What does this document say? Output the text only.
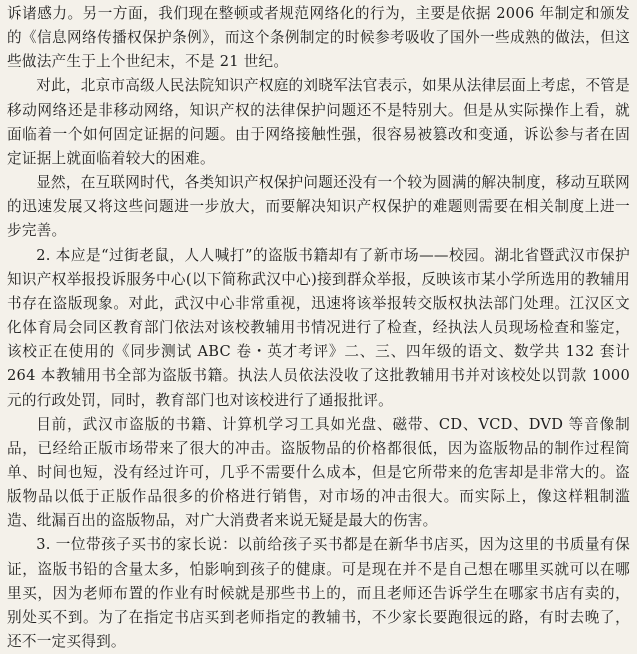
诉诸感力。另一方面，我们现在整顿或者规范网络化的行为，主要是依据 2006 年制定和颁发的《信息网络传播权保护条例》，而这个条例制定的时候参考吸收了国外一些成熟的做法，但这些做法产生于上个世纪末，不是 21 世纪。

对此，北京市高级人民法院知识产权庭的刘晓军法官表示，如果从法律层面上考虑，不管是移动网络还是非移动网络，知识产权的法律保护问题还不是特别大。但是从实际操作上看，就面临着一个如何固定证据的问题。由于网络接触性强，很容易被篡改和变通，诉讼参与者在固定证据上就面临着较大的困难。

显然，在互联网时代，各类知识产权保护问题还没有一个较为圆满的解决制度，移动互联网的迅速发展又将这些问题进一步放大，而要解决知识产权保护的难题则需要在相关制度上进一步完善。

2. 本应是“过街老鼠，人人喊打”的盗版书籍却有了新市场——校园。湖北省暨武汉市保护知识产权举报投诉服务中心(以下简称武汉中心)接到群众举报，反映该市某小学所选用的教辅用书存在盗版现象。对此，武汉中心非常重视，迅速将该举报转交版权执法部门处理。江汉区文化体育局会同区教育部门依法对该校教辅用书情况进行了检查，经执法人员现场检查和鉴定，该校正在使用的《同步测试 ABC 卷・英才考评》二、三、四年级的语文、数学共 132 套计 264 本教辅用书全部为盗版书籍。执法人员依法没收了这批教辅用书并对该校处以罚款 1000 元的行政处罚，同时，教育部门也对该校进行了通报批评。

目前，武汉市盗版的书籍、计算机学习工具如光盘、磁带、CD、VCD、DVD 等音像制品，已经给正版市场带来了很大的冲击。盗版物品的价格都很低，因为盗版物品的制作过程简单、时间也短，没有经过许可，几乎不需要什么成本，但是它所带来的危害却是非常大的。盗版物品以低于正版作品很多的价格进行销售，对市场的冲击很大。而实际上，像这样粗制滥造、纰漏百出的盗版物品，对广大消费者来说无疑是最大的伤害。

3. 一位带孩子买书的家长说：以前给孩子买书都是在新华书店买，因为这里的书质量有保证，盗版书铅的含量太多，怕影响到孩子的健康。可是现在并不是自己想在哪里买就可以在哪里买，因为老师布置的作业有时候就是那些书上的，而且老师还告诉学生在哪家书店有卖的，别处买不到。为了在指定书店买到老师指定的教辅书，不少家长要跑很远的路，有时去晚了，还不一定买得到。
